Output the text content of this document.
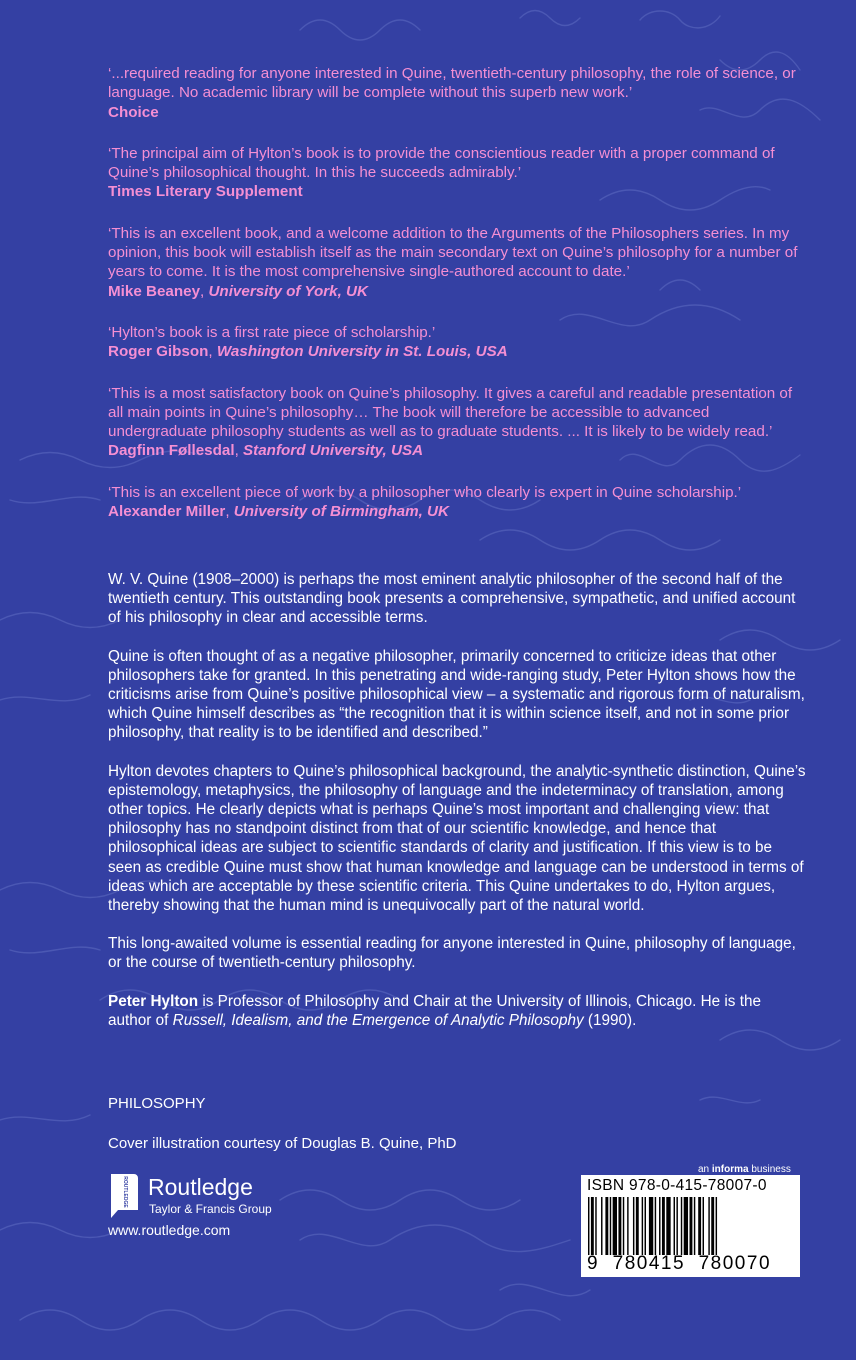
‘...required reading for anyone interested in Quine, twentieth-century philosophy, the role of science, or language. No academic library will be complete without this superb new work.’
Choice
‘The principal aim of Hylton’s book is to provide the conscientious reader with a proper command of Quine’s philosophical thought. In this he succeeds admirably.’
Times Literary Supplement
‘This is an excellent book, and a welcome addition to the Arguments of the Philosophers series. In my opinion, this book will establish itself as the main secondary text on Quine’s philosophy for a number of years to come. It is the most comprehensive single-authored account to date.’
Mike Beaney, University of York, UK
‘Hylton’s book is a first rate piece of scholarship.’
Roger Gibson, Washington University in St. Louis, USA
‘This is a most satisfactory book on Quine’s philosophy. It gives a careful and readable presentation of all main points in Quine’s philosophy… The book will therefore be accessible to advanced undergraduate philosophy students as well as to graduate students. ... It is likely to be widely read.’
Dagfinn Føllesdal, Stanford University, USA
‘This is an excellent piece of work by a philosopher who clearly is expert in Quine scholarship.’
Alexander Miller, University of Birmingham, UK

W. V. Quine (1908–2000) is perhaps the most eminent analytic philosopher of the second half of the twentieth century. This outstanding book presents a comprehensive, sympathetic, and unified account of his philosophy in clear and accessible terms.

Quine is often thought of as a negative philosopher, primarily concerned to criticize ideas that other philosophers take for granted. In this penetrating and wide-ranging study, Peter Hylton shows how the criticisms arise from Quine’s positive philosophical view – a systematic and rigorous form of naturalism, which Quine himself describes as “the recognition that it is within science itself, and not in some prior philosophy, that reality is to be identified and described.”

Hylton devotes chapters to Quine’s philosophical background, the analytic-synthetic distinction, Quine’s epistemology, metaphysics, the philosophy of language and the indeterminacy of translation, among other topics. He clearly depicts what is perhaps Quine’s most important and challenging view: that philosophy has no standpoint distinct from that of our scientific knowledge, and hence that philosophical ideas are subject to scientific standards of clarity and justification. If this view is to be seen as credible Quine must show that human knowledge and language can be understood in terms of ideas which are acceptable by these scientific criteria. This Quine undertakes to do, Hylton argues, thereby showing that the human mind is unequivocally part of the natural world.

This long-awaited volume is essential reading for anyone interested in Quine, philosophy of language, or the course of twentieth-century philosophy.

Peter Hylton is Professor of Philosophy and Chair at the University of Illinois, Chicago. He is the author of Russell, Idealism, and the Emergence of Analytic Philosophy (1990).

PHILOSOPHY
Cover illustration courtesy of Douglas B. Quine, PhD
ROUTLEDGE Routledge
Taylor & Francis Group
www.routledge.com
an informa business
ISBN 978-0-415-78007-0
9 780415 780070
